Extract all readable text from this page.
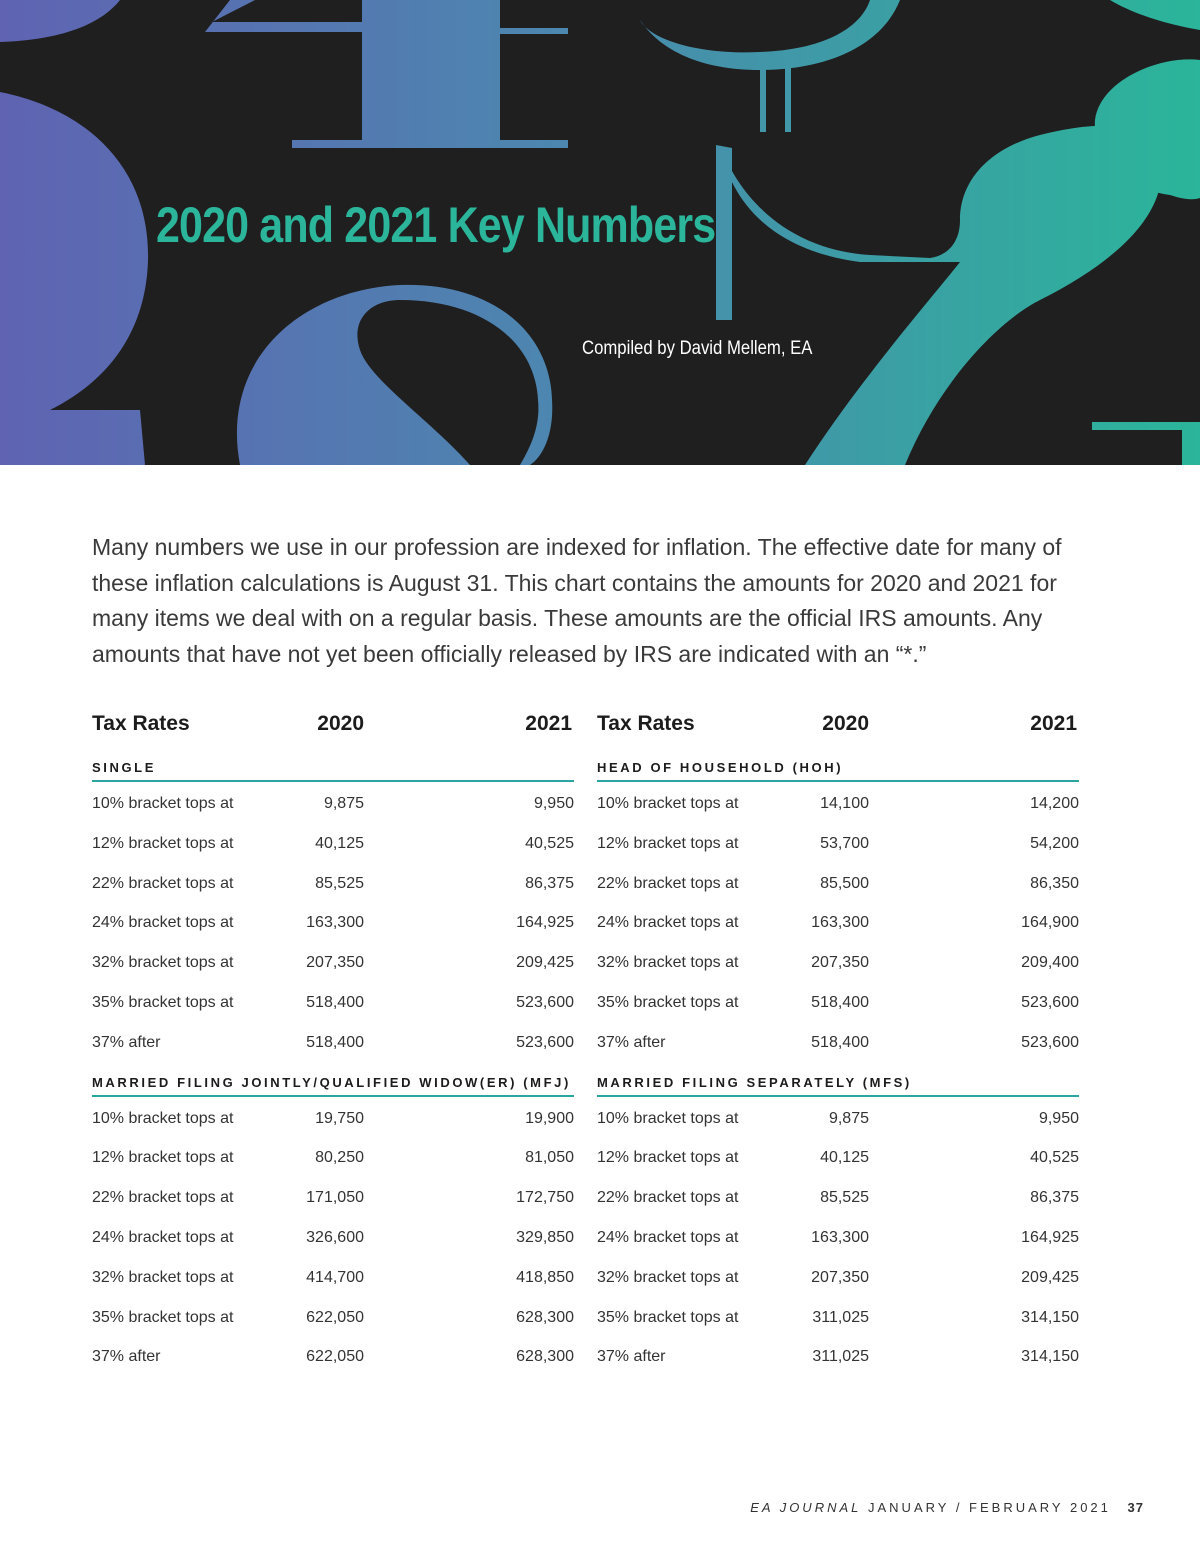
2020 and 2021 Key Numbers

Compiled by David Mellem, EA

Many numbers we use in our profession are indexed for inflation. The effective date for many of these inflation calculations is August 31. This chart contains the amounts for 2020 and 2021 for many items we deal with on a regular basis. These amounts are the official IRS amounts. Any amounts that have not yet been officially released by IRS are indicated with an “*.”

Tax Rates	2020	2021
SINGLE
10% bracket tops at	9,875	9,950
12% bracket tops at	40,125	40,525
22% bracket tops at	85,525	86,375
24% bracket tops at	163,300	164,925
32% bracket tops at	207,350	209,425
35% bracket tops at	518,400	523,600
37% after	518,400	523,600
MARRIED FILING JOINTLY/QUALIFIED WIDOW(ER) (MFJ)
10% bracket tops at	19,750	19,900
12% bracket tops at	80,250	81,050
22% bracket tops at	171,050	172,750
24% bracket tops at	326,600	329,850
32% bracket tops at	414,700	418,850
35% bracket tops at	622,050	628,300
37% after	622,050	628,300
Tax Rates	2020	2021
HEAD OF HOUSEHOLD (HOH)
10% bracket tops at	14,100	14,200
12% bracket tops at	53,700	54,200
22% bracket tops at	85,500	86,350
24% bracket tops at	163,300	164,900
32% bracket tops at	207,350	209,400
35% bracket tops at	518,400	523,600
37% after	518,400	523,600
MARRIED FILING SEPARATELY (MFS)
10% bracket tops at	9,875	9,950
12% bracket tops at	40,125	40,525
22% bracket tops at	85,525	86,375
24% bracket tops at	163,300	164,925
32% bracket tops at	207,350	209,425
35% bracket tops at	311,025	314,150
37% after	311,025	314,150
EA JOURNAL JANUARY / FEBRUARY 2021 37
